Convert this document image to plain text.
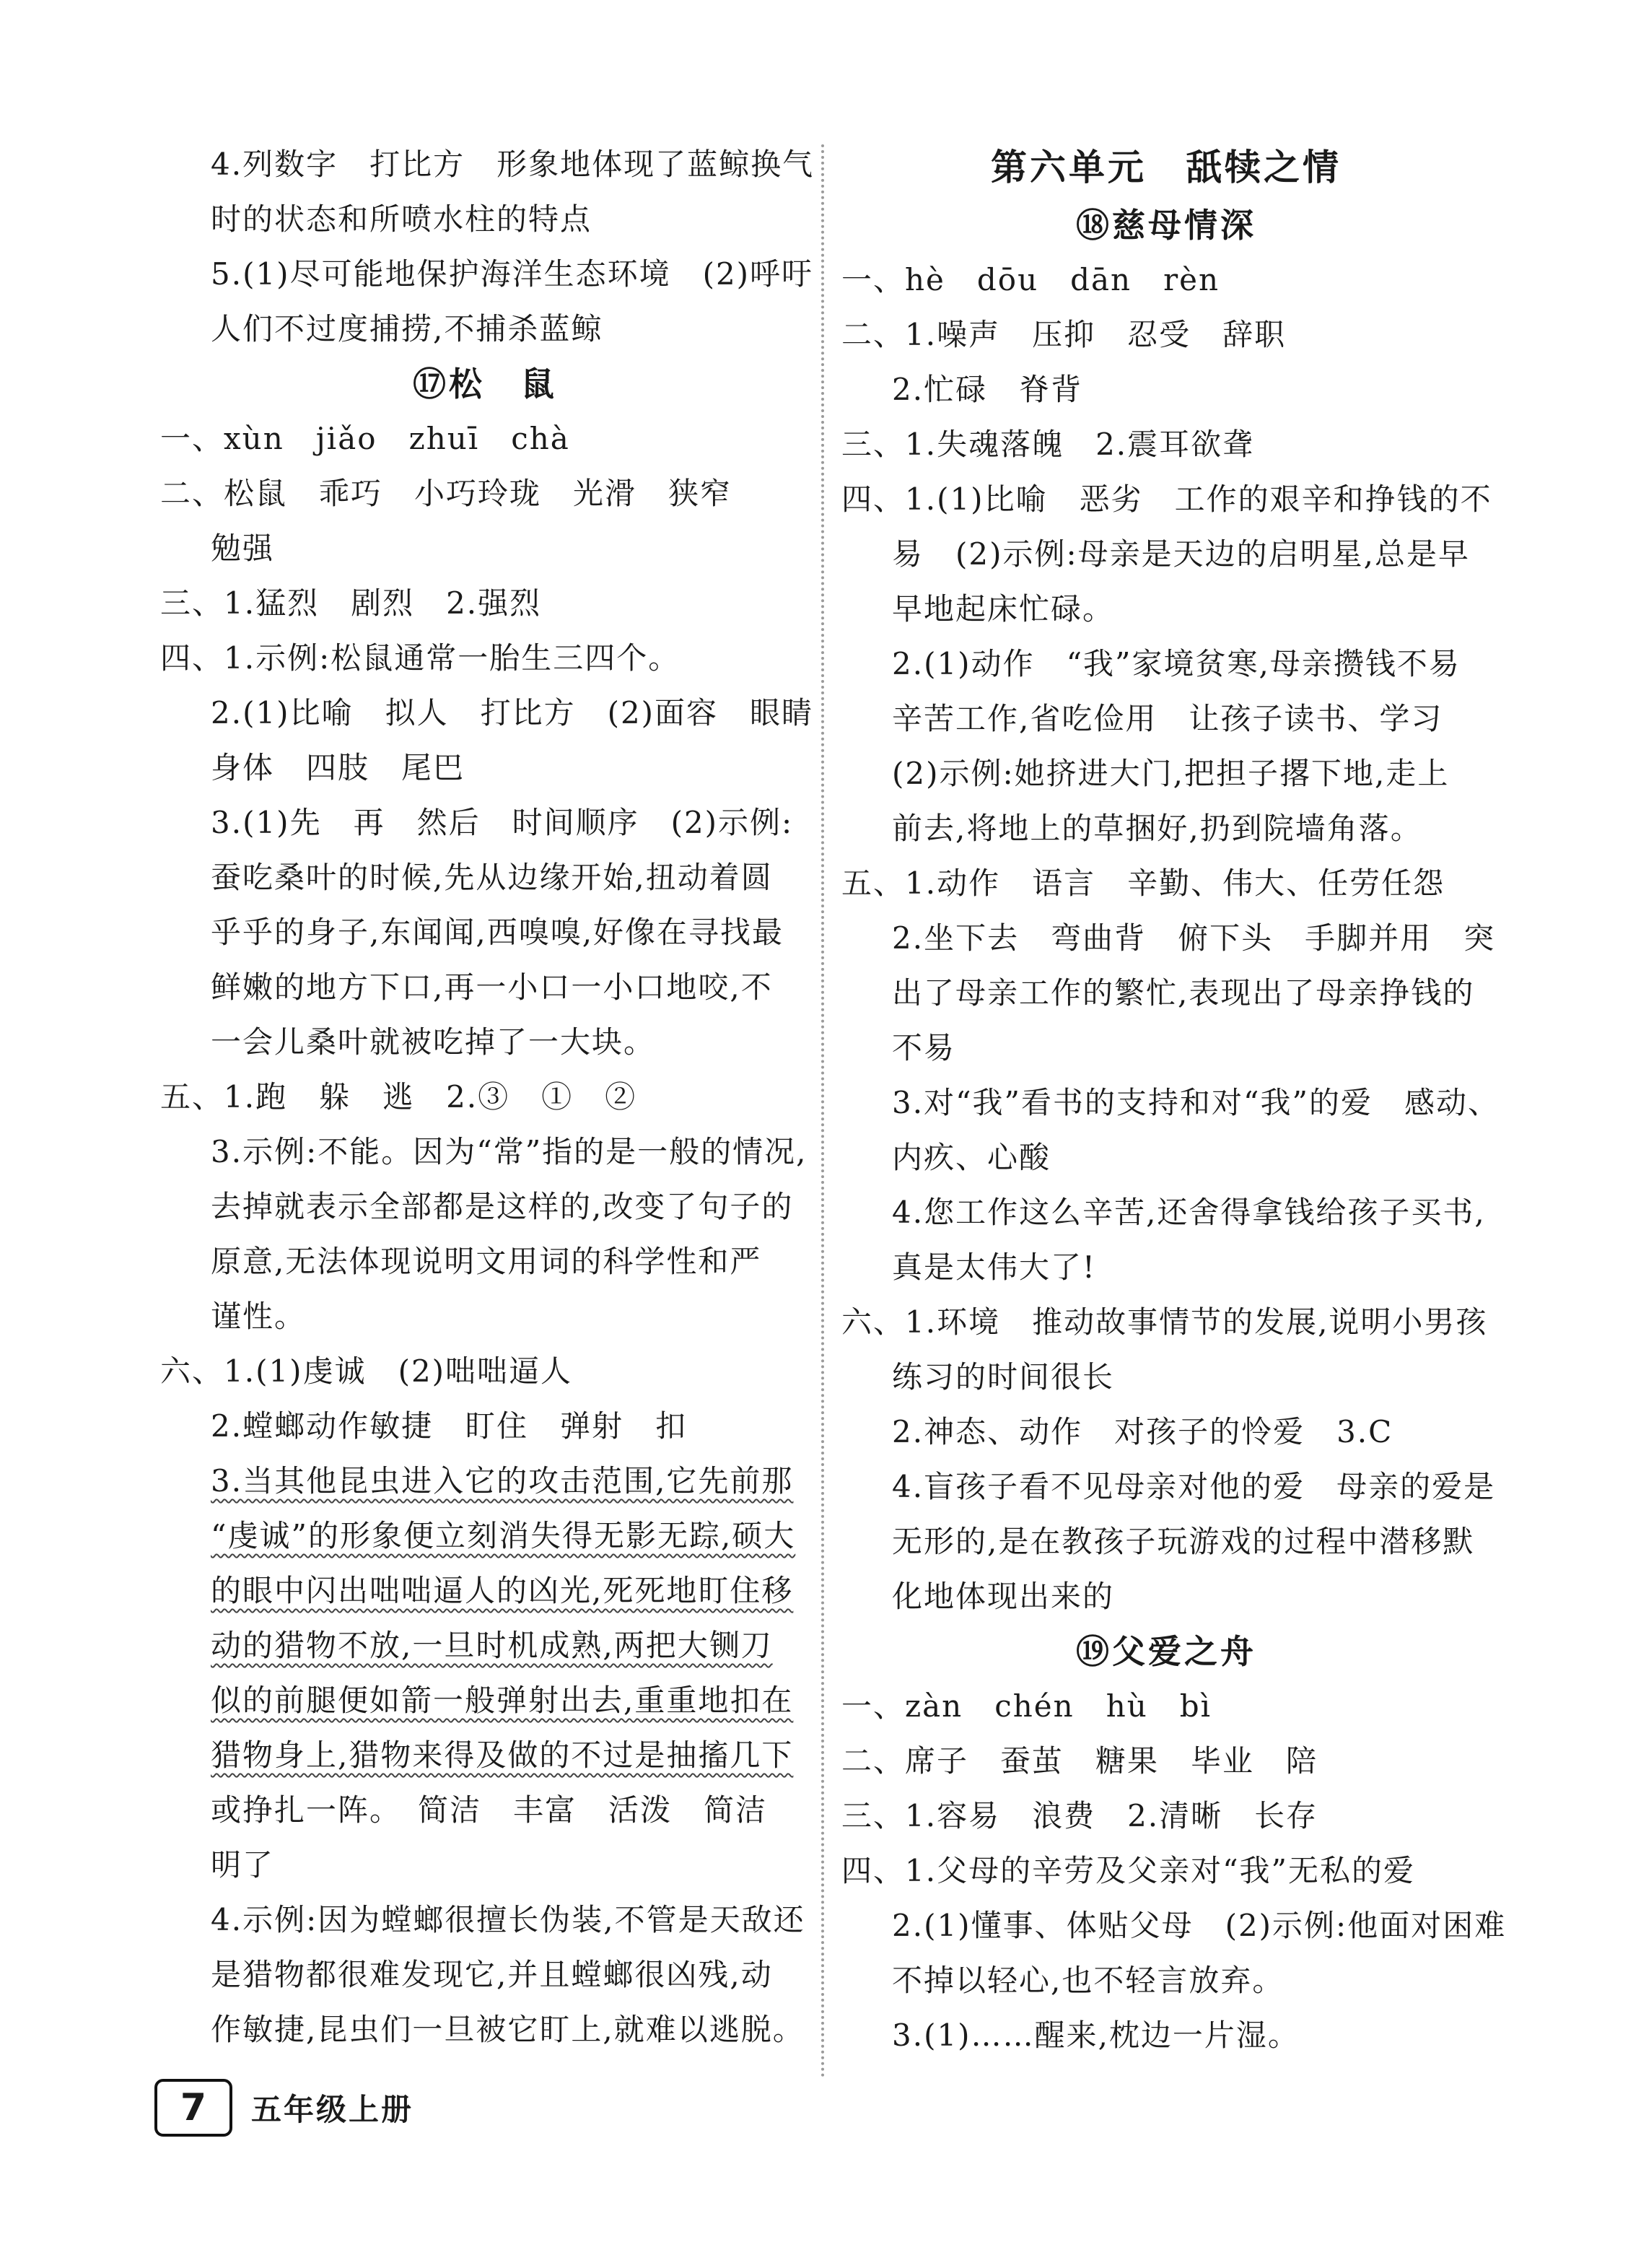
4.列数字　打比方　形象地体现了蓝鲸换气
时的状态和所喷水柱的特点
5.(1)尽可能地保护海洋生态环境　(2)呼吁
人们不过度捕捞,不捕杀蓝鲸
⑰松　鼠
一、xùn　jiǎo　zhuī　chà
二、松鼠　乖巧　小巧玲珑　光滑　狭窄
勉强
三、1.猛烈　剧烈　2.强烈
四、1.示例:松鼠通常一胎生三四个。
2.(1)比喻　拟人　打比方　(2)面容　眼睛
身体　四肢　尾巴
3.(1)先　再　然后　时间顺序　(2)示例:
蚕吃桑叶的时候,先从边缘开始,扭动着圆
乎乎的身子,东闻闻,西嗅嗅,好像在寻找最
鲜嫩的地方下口,再一小口一小口地咬,不
一会儿桑叶就被吃掉了一大块。
五、1.跑　躲　逃　2.③　①　②
3.示例:不能。因为“常”指的是一般的情况,
去掉就表示全部都是这样的,改变了句子的
原意,无法体现说明文用词的科学性和严
谨性。
六、1.(1)虔诚　(2)咄咄逼人
2.螳螂动作敏捷　盯住　弹射　扣
3.当其他昆虫进入它的攻击范围,它先前那
“虔诚”的形象便立刻消失得无影无踪,硕大
的眼中闪出咄咄逼人的凶光,死死地盯住移
动的猎物不放,一旦时机成熟,两把大铡刀
似的前腿便如箭一般弹射出去,重重地扣在
猎物身上,猎物来得及做的不过是抽搐几下
或挣扎一阵。　简洁　丰富　活泼　简洁
明了
4.示例:因为螳螂很擅长伪装,不管是天敌还
是猎物都很难发现它,并且螳螂很凶残,动
作敏捷,昆虫们一旦被它盯上,就难以逃脱。
第六单元　舐犊之情
⑱慈母情深
一、hè　dōu　dān　rèn
二、1.噪声　压抑　忍受　辞职
2.忙碌　脊背
三、1.失魂落魄　2.震耳欲聋
四、1.(1)比喻　恶劣　工作的艰辛和挣钱的不
易　(2)示例:母亲是天边的启明星,总是早
早地起床忙碌。
2.(1)动作　“我”家境贫寒,母亲攒钱不易
辛苦工作,省吃俭用　让孩子读书、学习
(2)示例:她挤进大门,把担子撂下地,走上
前去,将地上的草捆好,扔到院墙角落。
五、1.动作　语言　辛勤、伟大、任劳任怨
2.坐下去　弯曲背　俯下头　手脚并用　突
出了母亲工作的繁忙,表现出了母亲挣钱的
不易
3.对“我”看书的支持和对“我”的爱　感动、
内疚、心酸
4.您工作这么辛苦,还舍得拿钱给孩子买书,
真是太伟大了!
六、1.环境　推动故事情节的发展,说明小男孩
练习的时间很长
2.神态、动作　对孩子的怜爱　3.C
4.盲孩子看不见母亲对他的爱　母亲的爱是
无形的,是在教孩子玩游戏的过程中潜移默
化地体现出来的
⑲父爱之舟
一、zàn　chén　hù　bì
二、席子　蚕茧　糖果　毕业　陪
三、1.容易　浪费　2.清晰　长存
四、1.父母的辛劳及父亲对“我”无私的爱
2.(1)懂事、体贴父母　(2)示例:他面对困难
不掉以轻心,也不轻言放弃。
3.(1)……醒来,枕边一片湿。
7	五年级上册
